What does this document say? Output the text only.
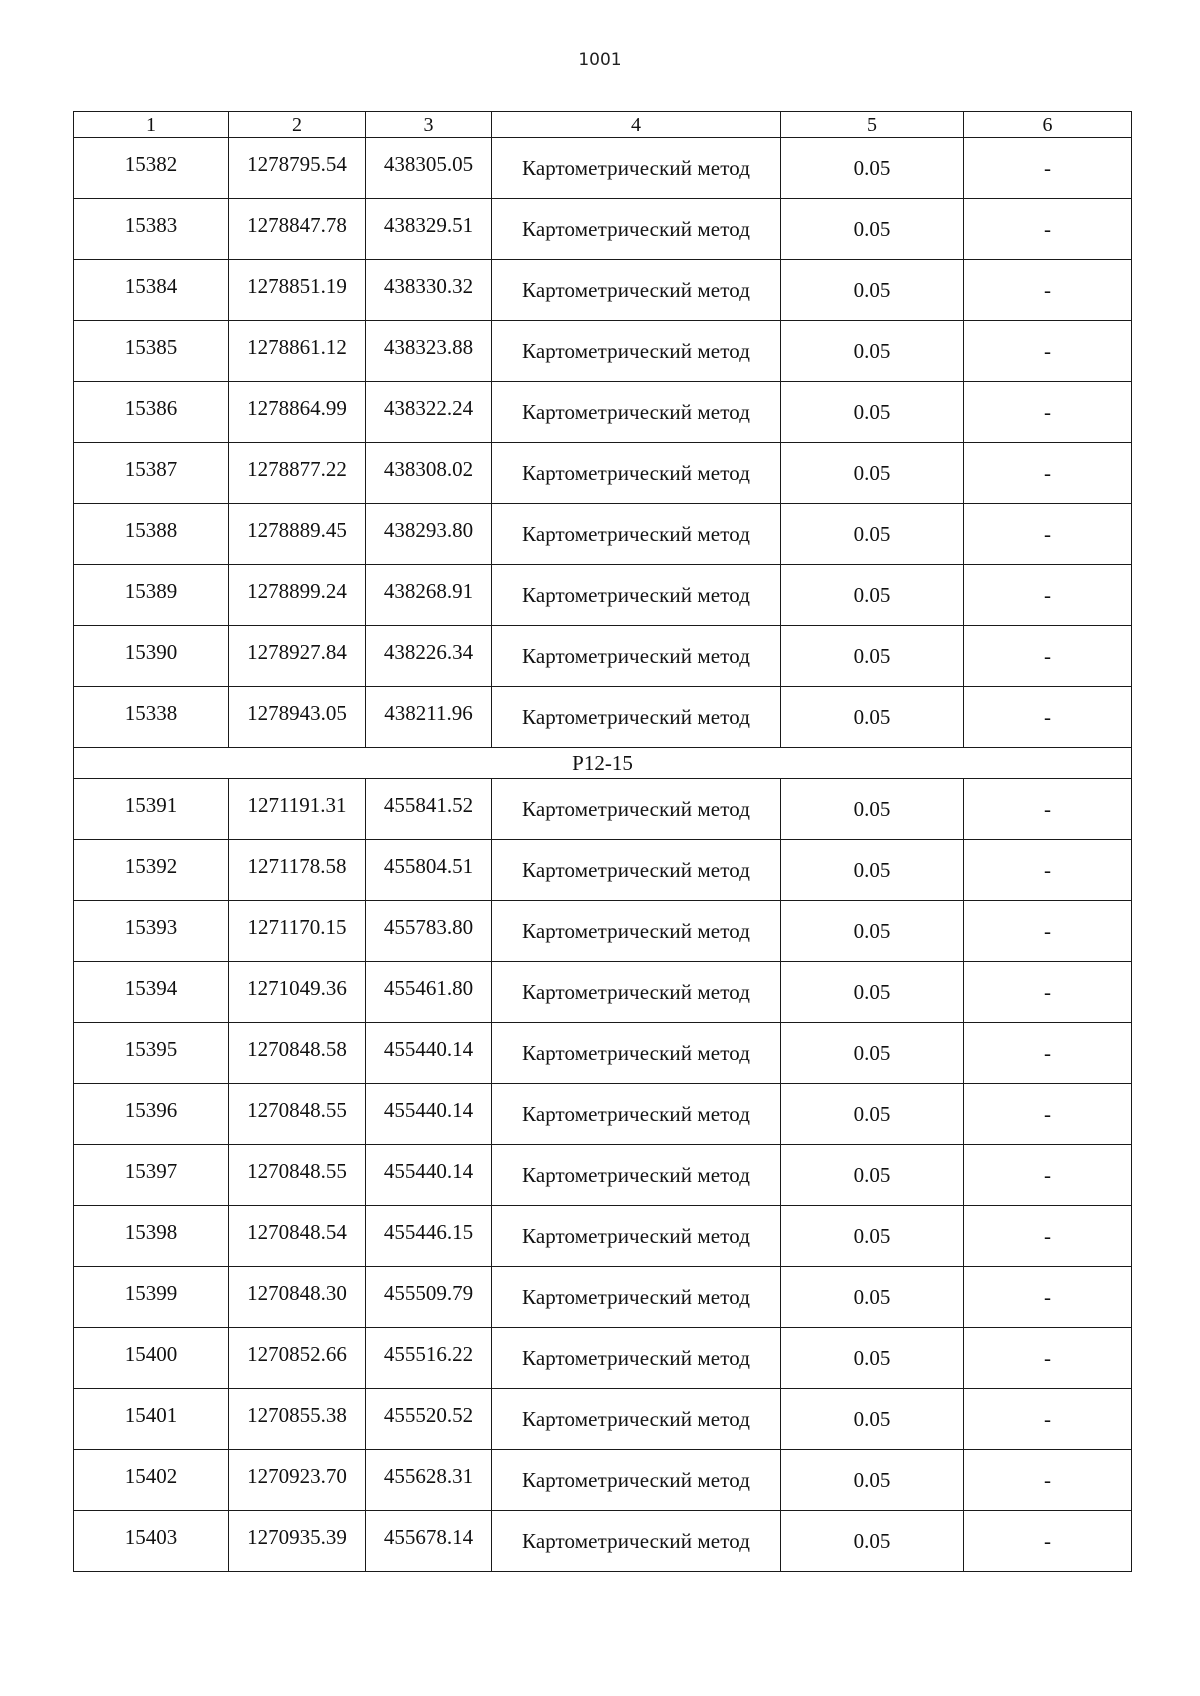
1001
1	2	3	4	5	6
15382	1278795.54	438305.05	Картометрический метод	0.05	-
15383	1278847.78	438329.51	Картометрический метод	0.05	-
15384	1278851.19	438330.32	Картометрический метод	0.05	-
15385	1278861.12	438323.88	Картометрический метод	0.05	-
15386	1278864.99	438322.24	Картометрический метод	0.05	-
15387	1278877.22	438308.02	Картометрический метод	0.05	-
15388	1278889.45	438293.80	Картометрический метод	0.05	-
15389	1278899.24	438268.91	Картометрический метод	0.05	-
15390	1278927.84	438226.34	Картометрический метод	0.05	-
15338	1278943.05	438211.96	Картометрический метод	0.05	-
Р12-15					
15391	1271191.31	455841.52	Картометрический метод	0.05	-
15392	1271178.58	455804.51	Картометрический метод	0.05	-
15393	1271170.15	455783.80	Картометрический метод	0.05	-
15394	1271049.36	455461.80	Картометрический метод	0.05	-
15395	1270848.58	455440.14	Картометрический метод	0.05	-
15396	1270848.55	455440.14	Картометрический метод	0.05	-
15397	1270848.55	455440.14	Картометрический метод	0.05	-
15398	1270848.54	455446.15	Картометрический метод	0.05	-
15399	1270848.30	455509.79	Картометрический метод	0.05	-
15400	1270852.66	455516.22	Картометрический метод	0.05	-
15401	1270855.38	455520.52	Картометрический метод	0.05	-
15402	1270923.70	455628.31	Картометрический метод	0.05	-
15403	1270935.39	455678.14	Картометрический метод	0.05	-
